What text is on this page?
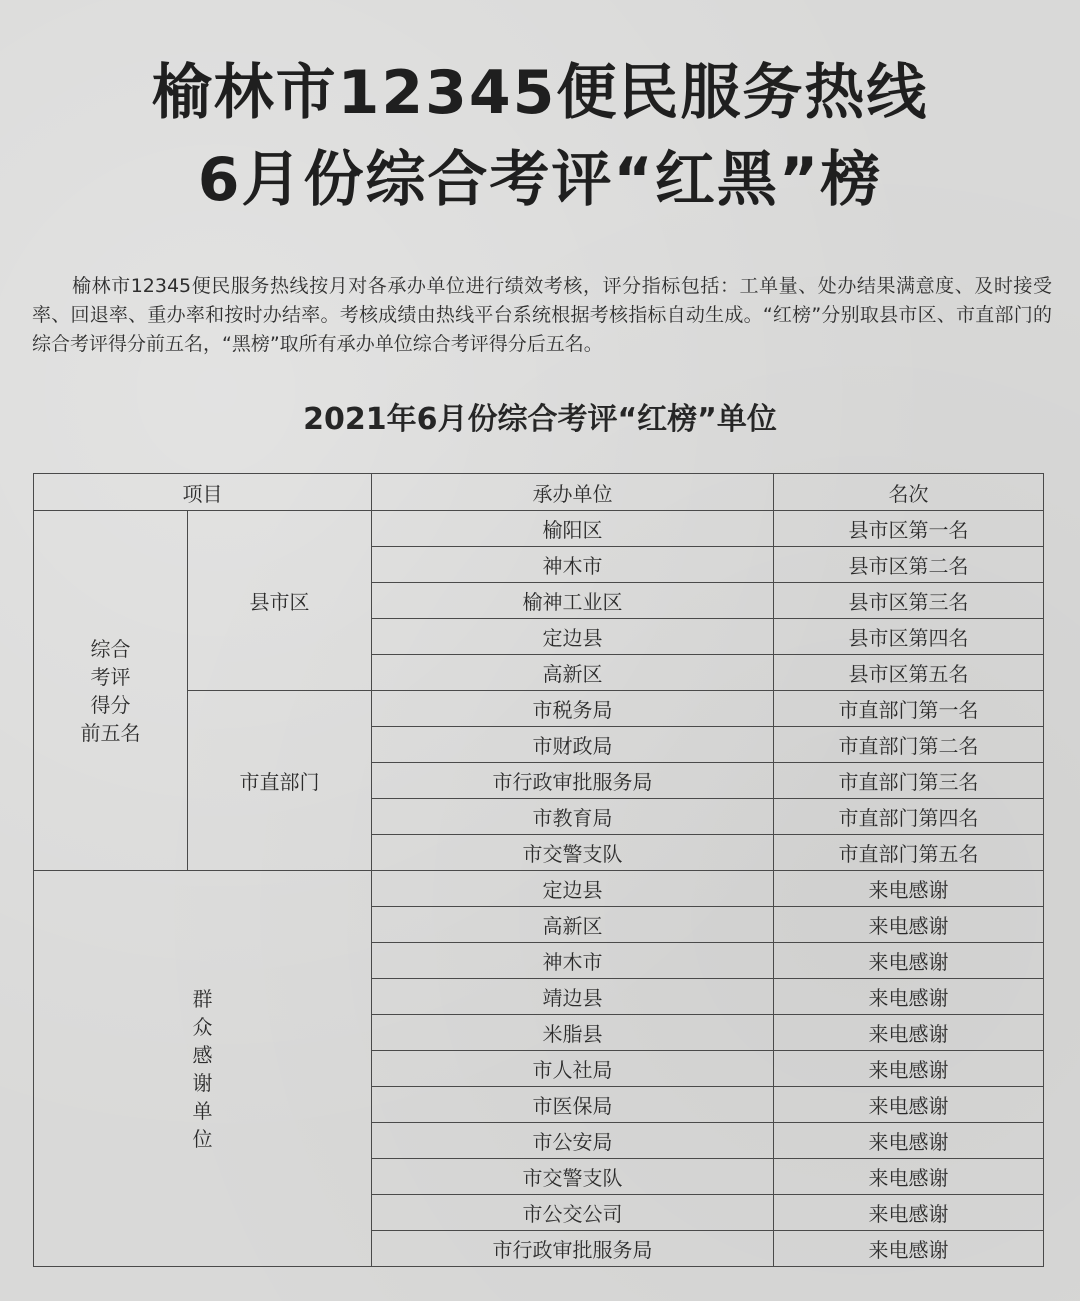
榆林市12345便民服务热线
6月份综合考评“红黑”榜

榆林市12345便民服务热线按月对各承办单位进行绩效考核，评分指标包括：工单量、处办结果满意度、及时接受率、回退率、重办率和按时办结率。考核成绩由热线平台系统根据考核指标自动生成。“红榜”分别取县市区、市直部门的综合考评得分前五名，“黑榜”取所有承办单位综合考评得分后五名。

2021年6月份综合考评“红榜”单位
项目		承办单位	名次

综合
考评
得分
前五名	县市区	榆阳区	县市区第一名
		神木市	县市区第二名
		榆神工业区	县市区第三名
		定边县	县市区第四名
		高新区	县市区第五名
	市直部门	市税务局	市直部门第一名
		市财政局	市直部门第二名
		市行政审批服务局	市直部门第三名
		市教育局	市直部门第四名
		市交警支队	市直部门第五名
群众感谢单位		定边县	来电感谢
		高新区	来电感谢
		神木市	来电感谢
		靖边县	来电感谢
		米脂县	来电感谢
		市人社局	来电感谢
		市医保局	来电感谢
		市公安局	来电感谢
		市交警支队	来电感谢
		市公交公司	来电感谢
		市行政审批服务局	来电感谢
